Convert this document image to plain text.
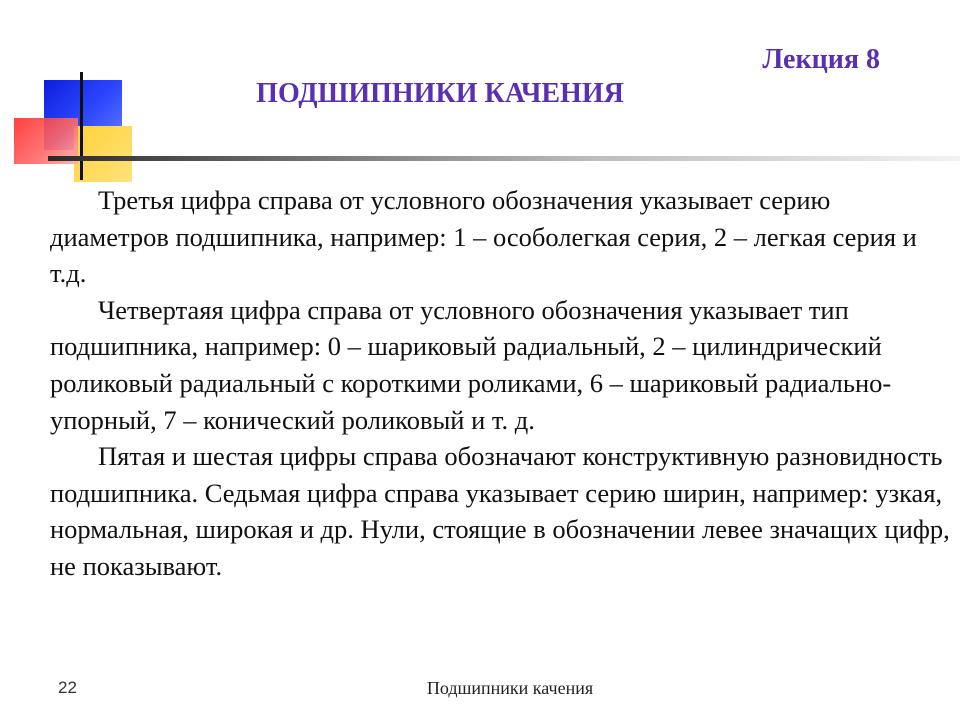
Лекция 8

ПОДШИПНИКИ КАЧЕНИЯ

Третья цифра справа от условного обозначения указывает серию диаметров подшипника, например: 1 – особолегкая серия, 2 – легкая серия и т.д.

Четвертаяя цифра справа от условного обозначения указывает тип подшипника, например: 0 – шариковый радиальный, 2 – цилиндрический роликовый радиальный с короткими роликами, 6 – шариковый радиально-упорный, 7 – конический роликовый и т. д.

Пятая и шестая цифры справа обозначают конструктивную разновидность подшипника. Седьмая цифра справа указывает серию ширин, например: узкая, нормальная, широкая и др. Нули, стоящие в обозначении левее значащих цифр, не показывают.

22	Подшипники качения
